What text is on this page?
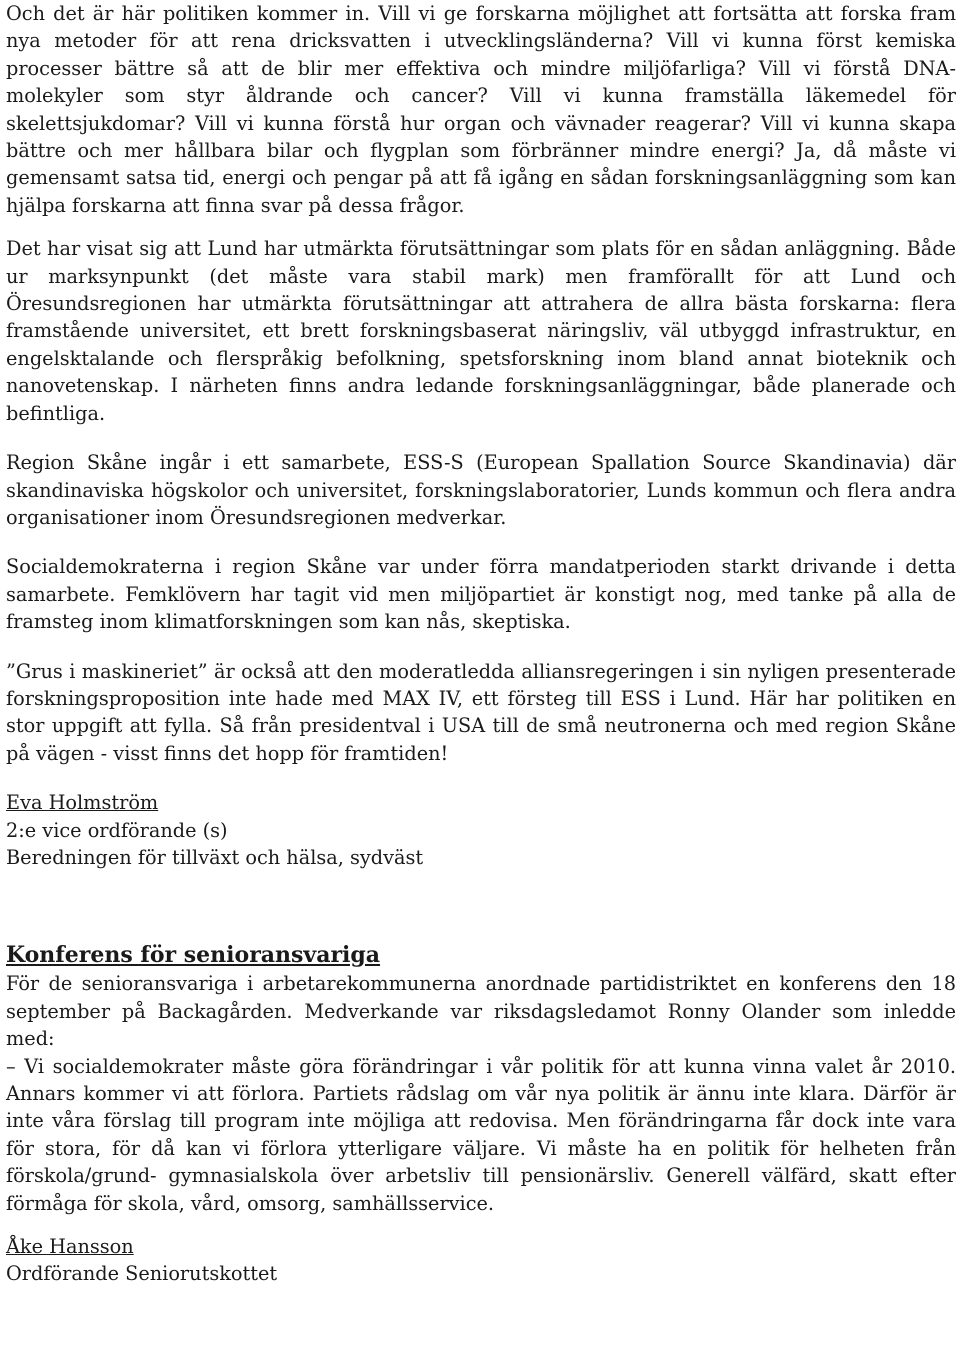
Och det är här politiken kommer in. Vill vi ge forskarna möjlighet att fortsätta att forska fram nya metoder för att rena dricksvatten i utvecklingsländerna? Vill vi kunna först kemiska processer bättre så att de blir mer effektiva och mindre miljöfarliga? Vill vi förstå DNA-molekyler som styr åldrande och cancer? Vill vi kunna framställa läkemedel för skelettsjukdomar? Vill vi kunna förstå hur organ och vävnader reagerar? Vill vi kunna skapa bättre och mer hållbara bilar och flygplan som förbränner mindre energi? Ja, då måste vi gemensamt satsa tid, energi och pengar på att få igång en sådan forskningsanläggning som kan hjälpa forskarna att finna svar på dessa frågor.

Det har visat sig att Lund har utmärkta förutsättningar som plats för en sådan anläggning. Både ur marksynpunkt (det måste vara stabil mark) men framförallt för att Lund och Öresundsregionen har utmärkta förutsättningar att attrahera de allra bästa forskarna: flera framstående universitet, ett brett forskningsbaserat näringsliv, väl utbyggd infrastruktur, en engelsktalande och flerspråkig befolkning, spetsforskning inom bland annat bioteknik och nanovetenskap. I närheten finns andra ledande forskningsanläggningar, både planerade och befintliga.

Region Skåne ingår i ett samarbete, ESS-S (European Spallation Source Skandinavia) där skandinaviska högskolor och universitet, forskningslaboratorier, Lunds kommun och flera andra organisationer inom Öresundsregionen medverkar.

Socialdemokraterna i region Skåne var under förra mandatperioden starkt drivande i detta samarbete. Femklövern har tagit vid men miljöpartiet är konstigt nog, med tanke på alla de framsteg inom klimatforskningen som kan nås, skeptiska.

”Grus i maskineriet” är också att den moderatledda alliansregeringen i sin nyligen presenterade forskningsproposition inte hade med MAX IV, ett försteg till ESS i Lund. Här har politiken en stor uppgift att fylla. Så från presidentval i USA till de små neutronerna och med region Skåne på vägen - visst finns det hopp för framtiden!

Eva Holmström
2:e vice ordförande (s)
Beredningen för tillväxt och hälsa, sydväst
Konferens för senioransvariga

För de senioransvariga i arbetarekommunerna anordnade partidistriktet en konferens den 18 september på Backagården. Medverkande var riksdagsledamot Ronny Olander som inledde med:

– Vi socialdemokrater måste göra förändringar i vår politik för att kunna vinna valet år 2010. Annars kommer vi att förlora. Partiets rådslag om vår nya politik är ännu inte klara. Därför är inte våra förslag till program inte möjliga att redovisa. Men förändringarna får dock inte vara för stora, för då kan vi förlora ytterligare väljare. Vi måste ha en politik för helheten från förskola/grund- gymnasialskola över arbetsliv till pensionärsliv. Generell välfärd, skatt efter förmåga för skola, vård, omsorg, samhällsservice.

Åke Hansson
Ordförande Seniorutskottet
